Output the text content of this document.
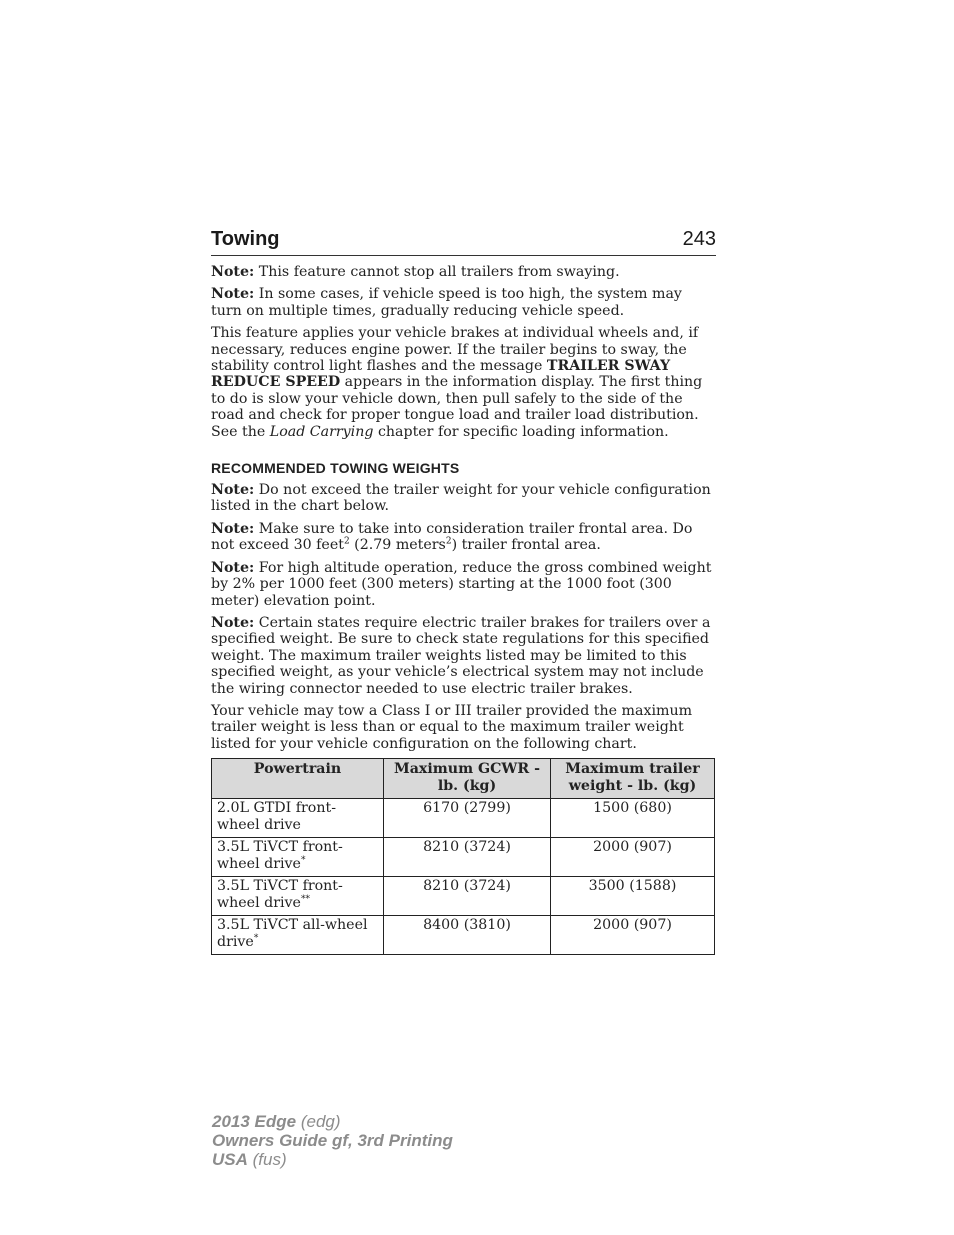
Towing	243

Note: This feature cannot stop all trailers from swaying.

Note: In some cases, if vehicle speed is too high, the system may turn on multiple times, gradually reducing vehicle speed.

This feature applies your vehicle brakes at individual wheels and, if necessary, reduces engine power. If the trailer begins to sway, the stability control light flashes and the message TRAILER SWAY REDUCE SPEED appears in the information display. The first thing to do is slow your vehicle down, then pull safely to the side of the road and check for proper tongue load and trailer load distribution. See the Load Carrying chapter for specific loading information.

RECOMMENDED TOWING WEIGHTS

Note: Do not exceed the trailer weight for your vehicle configuration listed in the chart below.

Note: Make sure to take into consideration trailer frontal area. Do not exceed 30 feet$^2$ (2.79 meters$^2$) trailer frontal area.

Note: For high altitude operation, reduce the gross combined weight by 2% per 1000 feet (300 meters) starting at the 1000 foot (300 meter) elevation point.

Note: Certain states require electric trailer brakes for trailers over a specified weight. Be sure to check state regulations for this specified weight. The maximum trailer weights listed may be limited to this specified weight, as your vehicle’s electrical system may not include the wiring connector needed to use electric trailer brakes.

Your vehicle may tow a Class I or III trailer provided the maximum trailer weight is less than or equal to the maximum trailer weight listed for your vehicle configuration on the following chart.

Powertrain	Maximum GCWR - lb. (kg)	Maximum trailer weight - lb. (kg)
2.0L GTDI front-wheel drive	6170 (2799)	1500 (680)
3.5L TiVCT front-wheel drive*	8210 (3724)	2000 (907)
3.5L TiVCT front-wheel drive**	8210 (3724)	3500 (1588)
3.5L TiVCT all-wheel drive*	8400 (3810)	2000 (907)
2013 Edge (edg)
Owners Guide gf, 3rd Printing
USA (fus)
